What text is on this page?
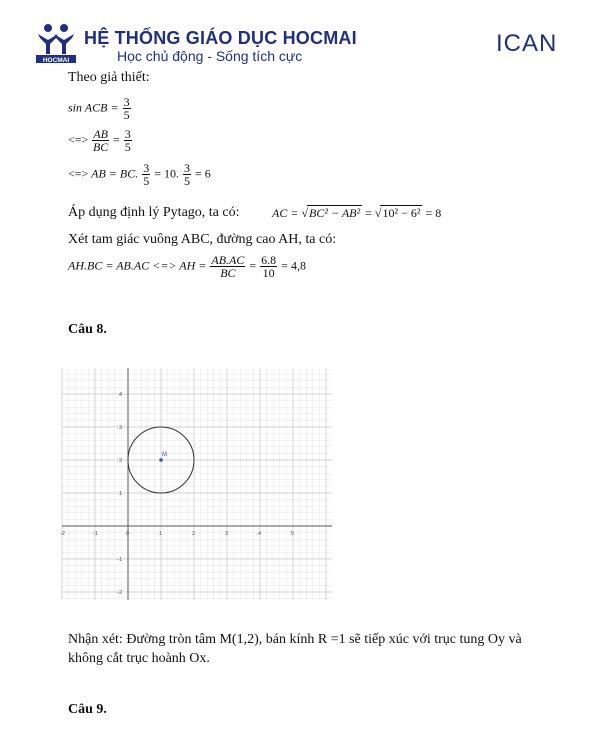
HOCMAI
HỆ THỐNG GIÁO DỤC HOCMAI
Học chủ động - Sống tích cực	ICAN
Theo giả thiết:
sin ACB = $\frac{3}{5}$
<=> $\frac{AB}{BC} = \frac{3}{5}$
<=> AB = BC. $\frac{3}{5} = 10$. $\frac{3}{5} = 6$
Áp dụng định lý Pytago, ta có:	AC = √BC² − AB² = √10² − 6² = 8
Xét tam giác vuông ABC, đường cao AH, ta có:
AH.BC = AB.AC <=> AH = $\frac{AB.AC}{BC} = \frac{6.8}{10} = 4,8$
Câu 8.
-2	-1	0	1	2	3	4	5
4
3
2
1
-1
-2
M
Nhận xét: Đường tròn tâm M(1,2), bán kính R =1 sẽ tiếp xúc với trục tung Oy và
không cắt trục hoành Ox.
Câu 9.
